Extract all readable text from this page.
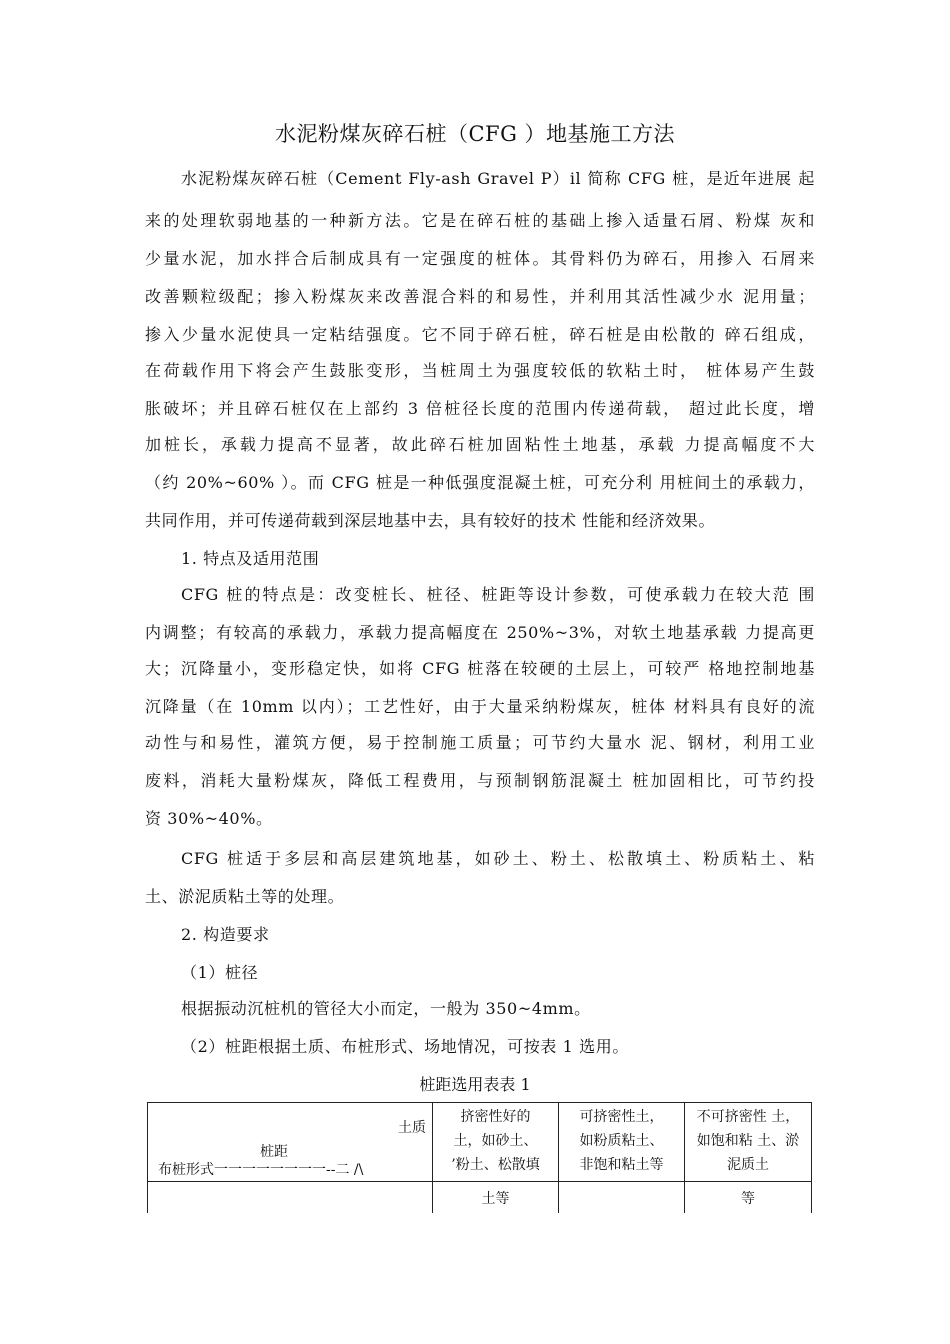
水泥粉煤灰碎石桩（CFG ）地基施工方法
水泥粉煤灰碎石桩（Cement Fly-ash Gravel P）il 简称 CFG 桩，是近年进展 起
来的处理软弱地基的一种新方法。它是在碎石桩的基础上掺入适量石屑、粉煤 灰和
少量水泥，加水拌合后制成具有一定强度的桩体。其骨料仍为碎石，用掺入 石屑来
改善颗粒级配；掺入粉煤灰来改善混合料的和易性，并利用其活性减少水 泥用量；
掺入少量水泥使具一定粘结强度。它不同于碎石桩，碎石桩是由松散的 碎石组成，
在荷载作用下将会产生鼓胀变形，当桩周土为强度较低的软粘土时， 桩体易产生鼓
胀破坏；并且碎石桩仅在上部约 3 倍桩径长度的范围内传递荷载， 超过此长度，增
加桩长，承载力提高不显著，故此碎石桩加固粘性土地基，承载 力提高幅度不大
（约 20%~60% ）。而 CFG 桩是一种低强度混凝土桩，可充分利 用桩间土的承载力，
共同作用，并可传递荷载到深层地基中去，具有较好的技术 性能和经济效果。
1. 特点及适用范围
CFG 桩的特点是：改变桩长、桩径、桩距等设计参数，可使承载力在较大范 围
内调整；有较高的承载力，承载力提高幅度在 250%~3%，对软土地基承载 力提高更
大；沉降量小，变形稳定快，如将 CFG 桩落在较硬的土层上，可较严 格地控制地基
沉降量（在 10mm 以内）；工艺性好，由于大量采纳粉煤灰，桩体 材料具有良好的流
动性与和易性，灌筑方便，易于控制施工质量；可节约大量水 泥、钢材，利用工业
废料，消耗大量粉煤灰，降低工程费用，与预制钢筋混凝土 桩加固相比，可节约投
资 30%~40%。
CFG 桩适于多层和高层建筑地基，如砂土、粉土、松散填土、粉质粘土、粘
土、淤泥质粘土等的处理。
2. 构造要求
（1）桩径
根据振动沉桩机的管径大小而定，一般为 350~4mm。
（2）桩距根据土质、布桩形式、场地情况，可按表 1 选用。
桩距选用表表 1
土质
桩距
布桩形式一一一一一一一一--二 /\
挤密性好的
土，如砂土、
’粉土、松散填
可挤密性土，
如粉质粘土、
非饱和粘土等
不可挤密性 土，
如饱和粘 土、淤
泥质土
土等	等
